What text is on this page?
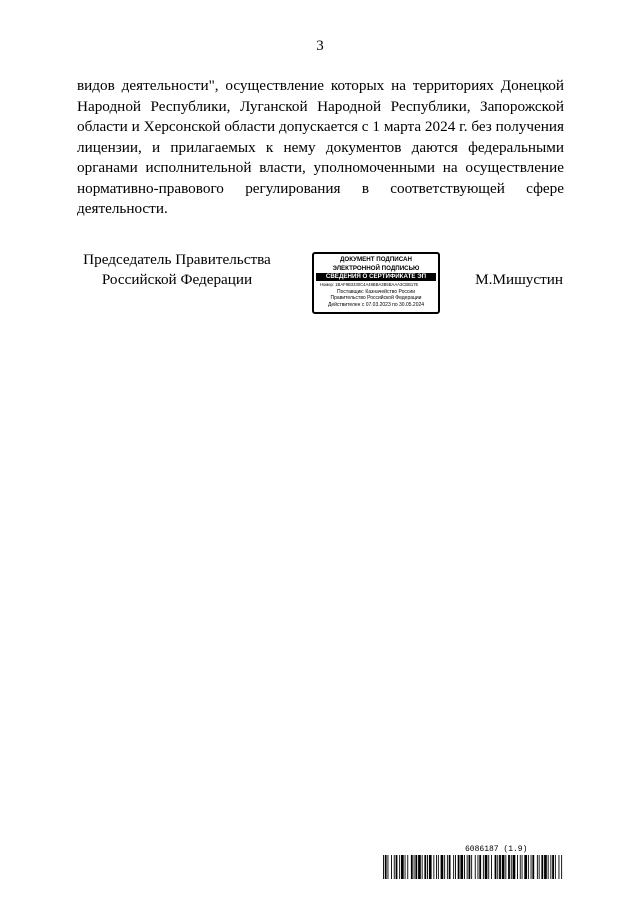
3
видов деятельности", осуществление которых на территориях Донецкой
Народной Республики, Луганской Народной Республики, Запорожской
области и Херсонской области допускается с 1 марта 2024 г. без получения
лицензии, и прилагаемых к нему документов даются федеральными
органами исполнительной власти, уполномоченными на осуществление
нормативно-правового регулирования в соответствующей сфере
деятельности.
Председатель Правительства
Российской Федерации
ДОКУМЕНТ ПОДПИСАН
ЭЛЕКТРОННОЙ ПОДПИСЬЮ
СВЕДЕНИЯ О СЕРТИФИКАТЕ ЭП
Номер: 1BAF9B3330C4A48BBA3B5BAAA3CBB17E
Поставщик: Казначейство России
Правительство Российской Федерации
Действителен с 07.03.2023 по 30.05.2024
М.Мишустин
6086187 (1.9)
